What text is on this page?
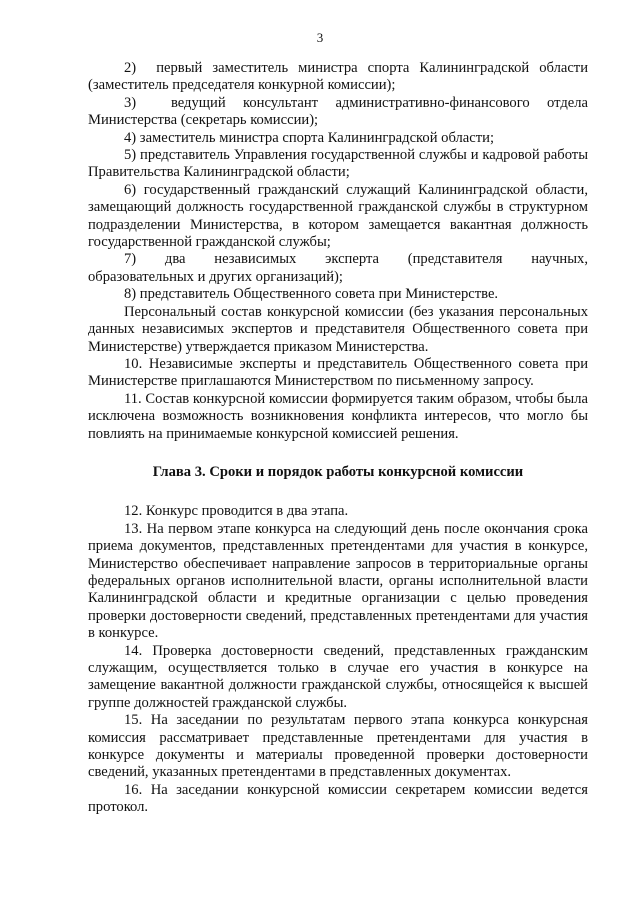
3

2)  первый заместитель министра спорта Калининградской области (заместитель председателя конкурной комиссии);

3)  ведущий консультант административно-финансового отдела Министерства (секретарь комиссии);

4) заместитель министра спорта Калининградской области;

5) представитель Управления государственной службы и кадровой работы Правительства Калининградской области;

6) государственный гражданский служащий Калининградской области, замещающий должность государственной гражданской службы в структурном подразделении Министерства, в котором замещается вакантная должность государственной гражданской службы;

7)   два   независимых   эксперта   (представителя   научных, образовательных и других организаций);

8) представитель Общественного совета при Министерстве.

Персональный состав конкурсной комиссии (без указания персональных данных независимых экспертов и представителя Общественного совета при Министерстве) утверждается приказом Министерства.

10. Независимые эксперты и представитель Общественного совета при Министерстве приглашаются Министерством по письменному запросу.

11. Состав конкурсной комиссии формируется таким образом, чтобы была исключена возможность возникновения конфликта интересов, что могло бы повлиять на принимаемые конкурсной комиссией решения.

Глава 3. Сроки и порядок работы конкурсной комиссии

12. Конкурс проводится в два этапа.

13. На первом этапе конкурса на следующий день после окончания срока приема документов, представленных претендентами для участия в конкурсе, Министерство обеспечивает направление запросов в территориальные органы федеральных органов исполнительной власти, органы исполнительной власти Калининградской области и кредитные организации с целью проведения проверки достоверности сведений, представленных претендентами для участия в конкурсе.

14. Проверка достоверности сведений, представленных гражданским служащим, осуществляется только в случае его участия в конкурсе на замещение вакантной должности гражданской службы, относящейся к высшей группе должностей гражданской службы.

15. На заседании по результатам первого этапа конкурса конкурсная комиссия рассматривает представленные претендентами для участия в конкурсе документы и материалы проведенной проверки достоверности сведений, указанных претендентами в представленных документах.

16. На заседании конкурсной комиссии секретарем комиссии ведется протокол.
